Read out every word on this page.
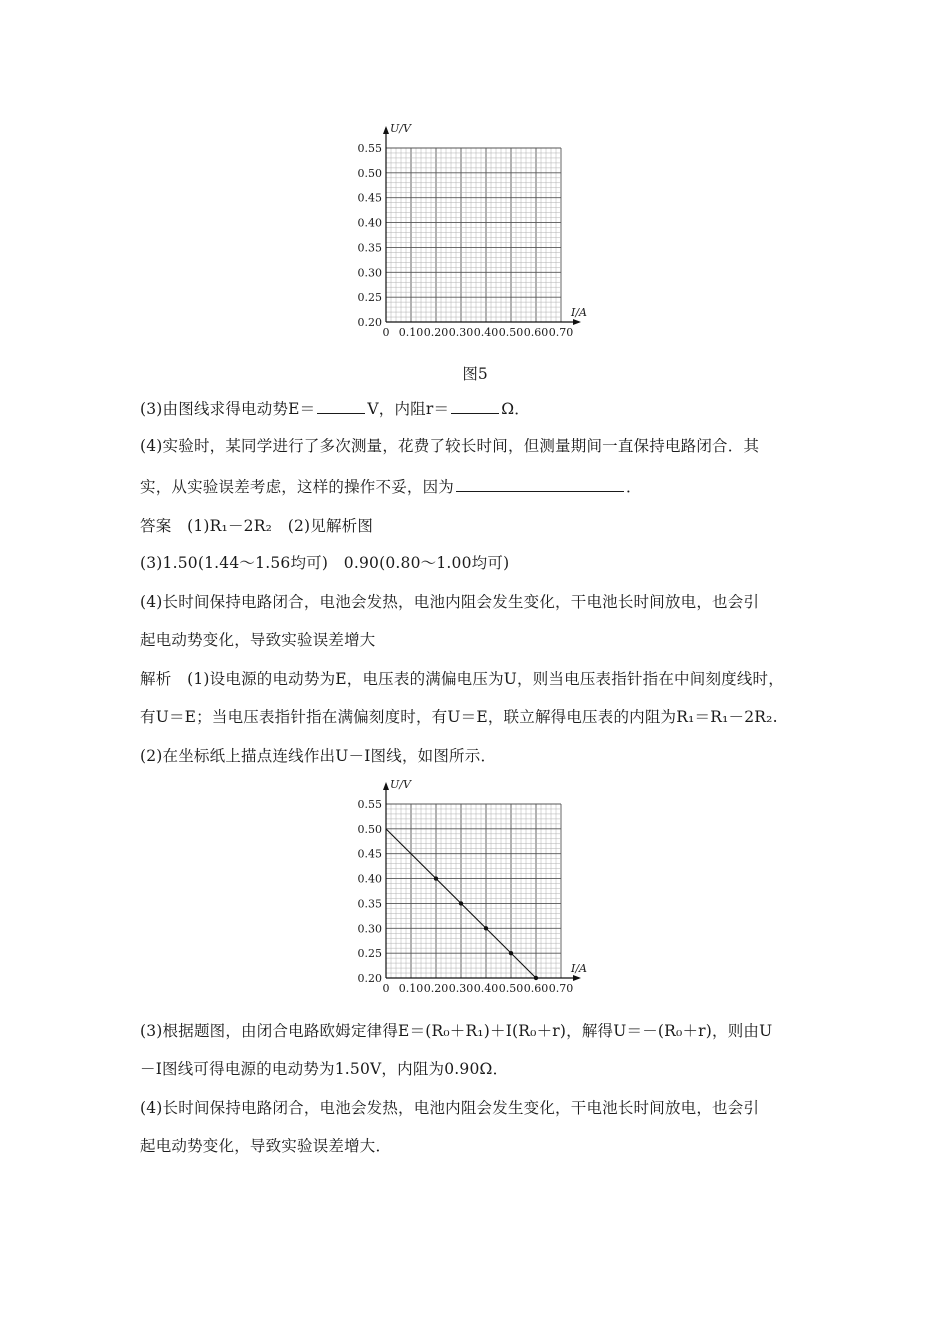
0.20
0.25
0.30
0.35
0.40
0.45
0.50
0.55
0 0.10 0.20 0.30 0.40 0.50 0.60 0.70
U/V
I/A
图5
(3)由图线求得电动势E＝	V，内阻r＝	Ω．
(4)实验时，某同学进行了多次测量，花费了较长时间，但测量期间一直保持电路闭合．其
实，从实验误差考虑，这样的操作不妥，因为	．
答案　 (1)R₁－2R₂　(2)见解析图
(3)1.50(1.44～1.56均可)　0.90(0.80～1.00均可)
(4)长时间保持电路闭合，电池会发热，电池内阻会发生变化，干电池长时间放电，也会引
起电动势变化，导致实验误差增大
解析　 (1)设电源的电动势为E，电压表的满偏电压为U，则当电压表指针指在中间刻度线时，
有U＝E；当电压表指针指在满偏刻度时，有U＝E，联立解得电压表的内阻为R₁＝R₁－2R₂.
(2)在坐标纸上描点连线作出U－I图线，如图所示．
0.20
0.25
0.30
0.35
0.40
0.45
0.50
0.55
0 0.10 0.20 0.30 0.40 0.50 0.60 0.70
U/V
I/A
(3)根据题图，由闭合电路欧姆定律得E＝(R₀＋R₁)＋I(R₀＋r)，解得U＝－(R₀＋r)，则由U
－I图线可得电源的电动势为1.50V，内阻为0.90Ω．
(4)长时间保持电路闭合，电池会发热，电池内阻会发生变化，干电池长时间放电，也会引
起电动势变化，导致实验误差增大．
